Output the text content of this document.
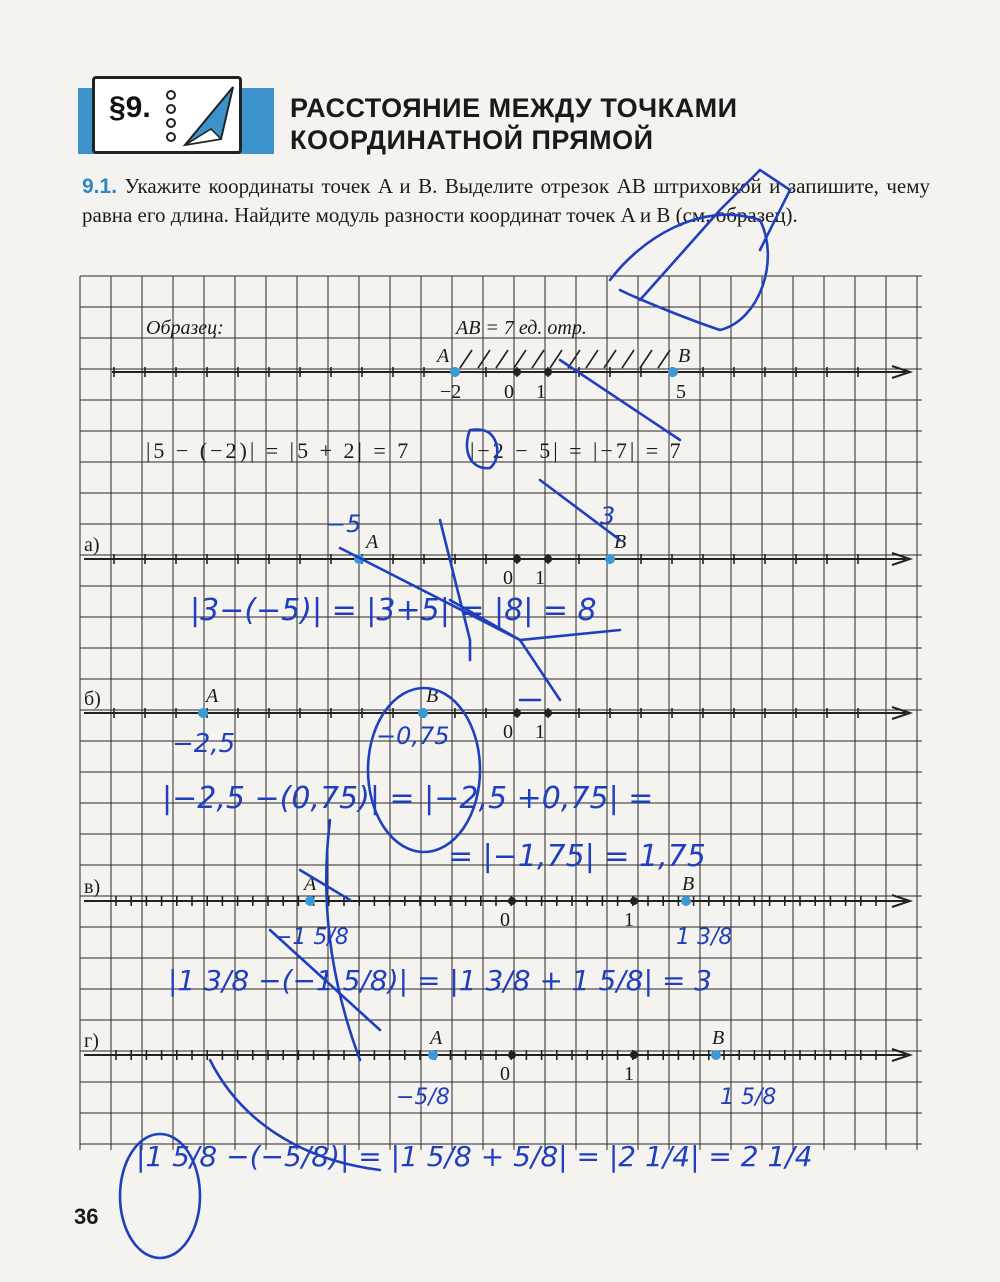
§9.	РАССТОЯНИЕ МЕЖДУ ТОЧКАМИ
КООРДИНАТНОЙ ПРЯМОЙ
9.1. Укажите координаты точек A и B. Выделите отрезок AB штриховкой и запишите, чему равна его длина. Найдите модуль разности координат точек A и B (см. образец).
Образец:	AB = 7 ед. отр.
A	B
−2 0 1	5
|5 − (−2)| = |5 + 2| = 7	|−2 − 5| = |−7| = 7
а)	A	B
0 1
б)	A	B
0 1
в)	A	B
0	1
г)	A	B
0	1
−5	3
|3−(−5)| = |3+5| = |8| = 8
−2,5	−0,75
|−2,5 −(0,75)| = |−2,5 +0,75| =
= |−1,75| = 1,75
−1 5/8	1 3/8
|1 3/8 −(−1 5/8)| = |1 3/8 + 1 5/8| = 3
−5/8	1 5/8
|1 5/8 −(−5/8)| = |1 5/8 + 5/8| = |2 1/4| = 2 1/4
36
